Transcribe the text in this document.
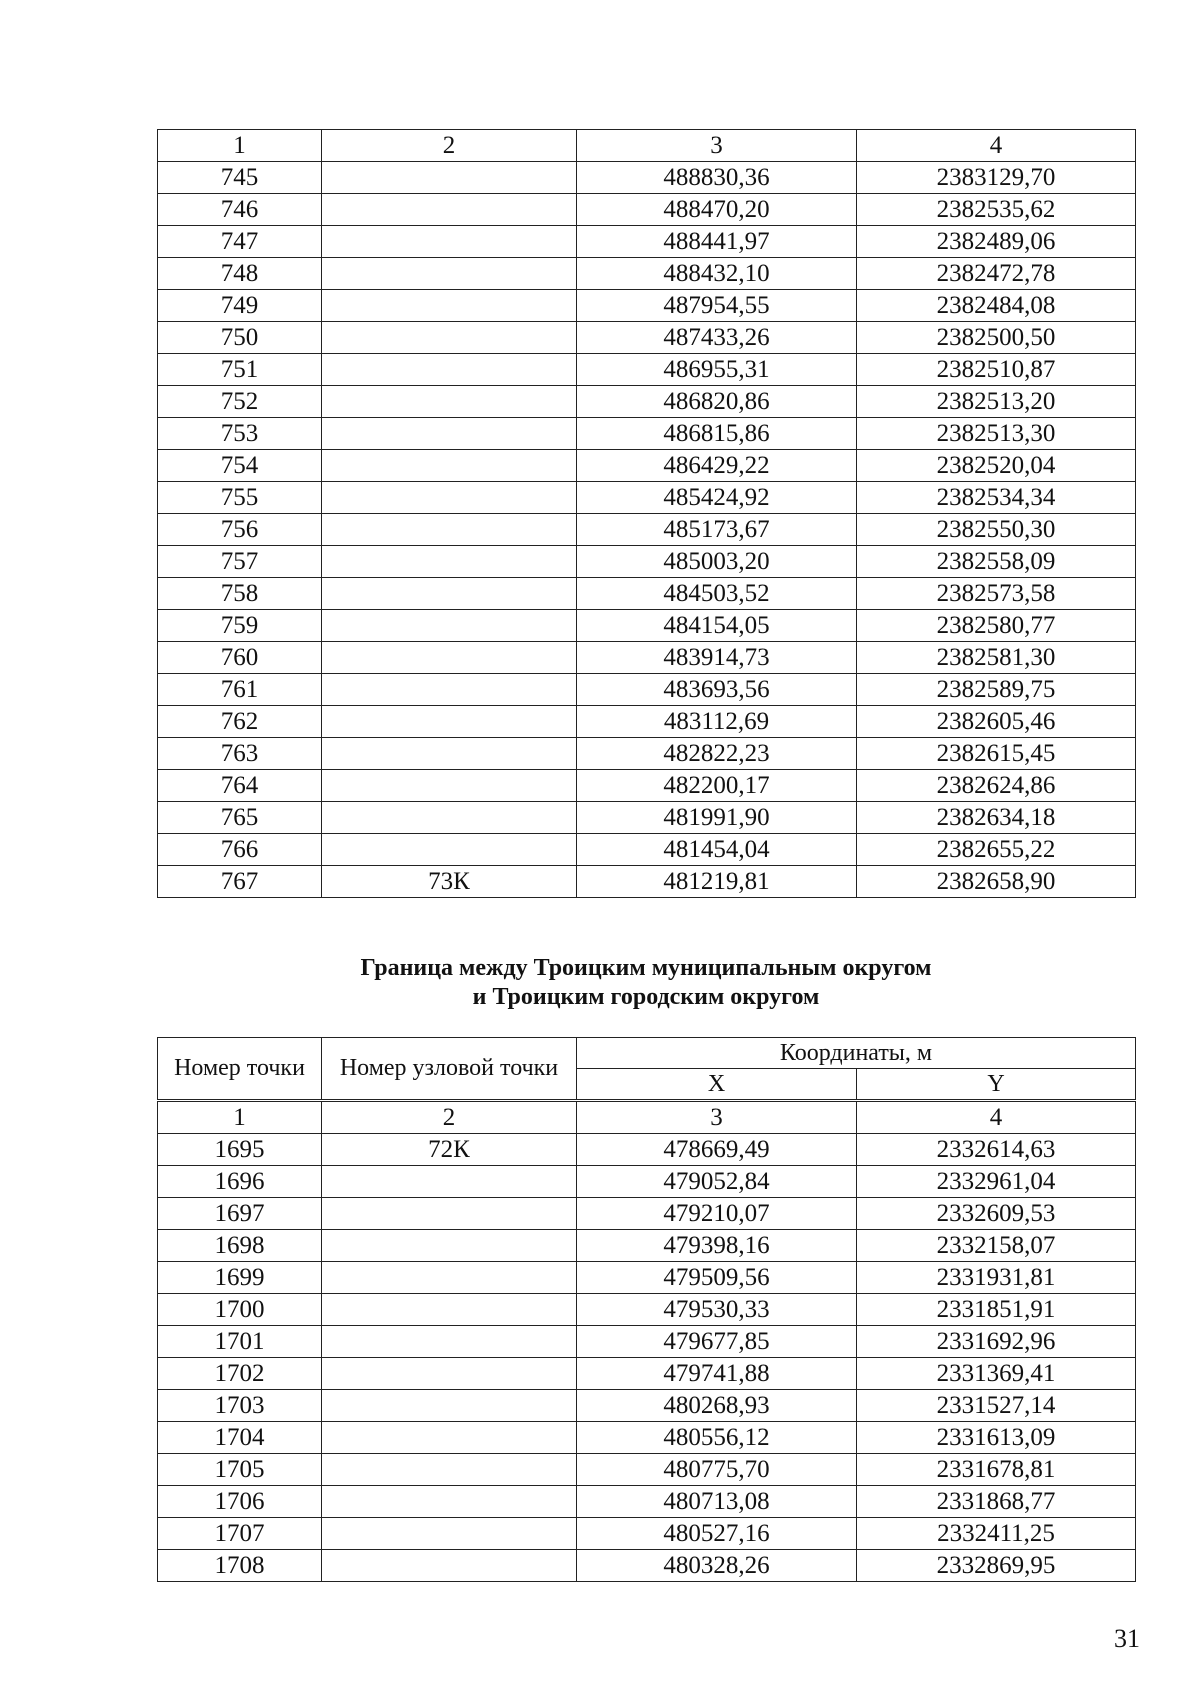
1	2	3	4
745		488830,36	2383129,70
746		488470,20	2382535,62
747		488441,97	2382489,06
748		488432,10	2382472,78
749		487954,55	2382484,08
750		487433,26	2382500,50
751		486955,31	2382510,87
752		486820,86	2382513,20
753		486815,86	2382513,30
754		486429,22	2382520,04
755		485424,92	2382534,34
756		485173,67	2382550,30
757		485003,20	2382558,09
758		484503,52	2382573,58
759		484154,05	2382580,77
760		483914,73	2382581,30
761		483693,56	2382589,75
762		483112,69	2382605,46
763		482822,23	2382615,45
764		482200,17	2382624,86
765		481991,90	2382634,18
766		481454,04	2382655,22
767	73К	481219,81	2382658,90
Граница между Троицким муниципальным округом
и Троицким городским округом
Номер точки	Номер узловой точки	Координаты, м	
		X	Y
1	2	3	4
1695	72К	478669,49	2332614,63
1696		479052,84	2332961,04
1697		479210,07	2332609,53
1698		479398,16	2332158,07
1699		479509,56	2331931,81
1700		479530,33	2331851,91
1701		479677,85	2331692,96
1702		479741,88	2331369,41
1703		480268,93	2331527,14
1704		480556,12	2331613,09
1705		480775,70	2331678,81
1706		480713,08	2331868,77
1707		480527,16	2332411,25
1708		480328,26	2332869,95
31
